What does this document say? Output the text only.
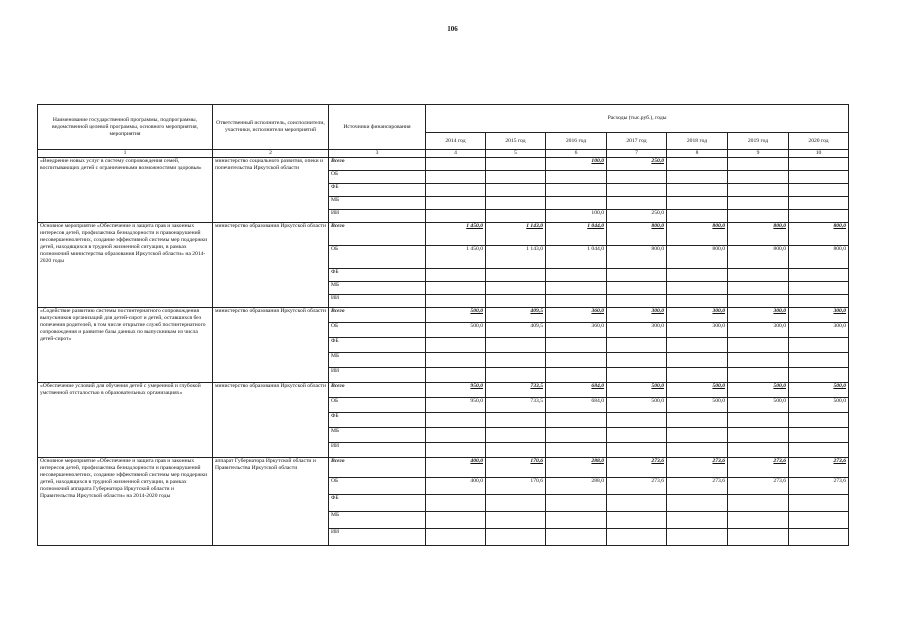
106
Наименование государственной программы, подпрограммы, ведомственной целевой программы, основного мероприятия, мероприятия	Ответственный исполнитель, соисполнители, участники, исполнители мероприятий	Источники финансирования	Расходы (тыс.руб.), годы						
			2014 год	2015 год	2016 год	2017 год	2018 год	2019 год	2020 год
1	2	3	4	5	6	7	8	9	10
«Внедрение новых услуг в систему сопровождения семей, воспитывающих детей с ограниченными возможностями здоровья»	министерство социального развития, опеки и попечительства Иркутской области	Всего			100,0	250,0			
		ОБ							
		ФБ							
		МБ							
		ИИ			100,0	250,0			
Основное мероприятие «Обеспечение и защита прав и законных интересов детей, профилактика безнадзорности и правонарушений несовершеннолетних, создание эффективной системы мер поддержки детей, находящихся в трудной жизненной ситуации, в рамках полномочий министерства образования Иркутской области» на 2014-2020 годы	министерство образования Иркутской области	Всего	1 450,0	1 143,0	1 044,0	800,0	800,0	800,0	800,0
		ОБ	1 450,0	1 143,0	1 044,0	800,0	800,0	800,0	800,0
		ФБ							
		МБ							
		ИИ							
«Содействие развитию системы постинтернатного сопровождения выпускников организаций для детей-сирот и детей, оставшихся без попечения родителей, в том числе открытие служб постинтернатного сопровождения и развитие базы данных по выпускникам из числа детей-сирот»	министерство образования Иркутской области	Всего	500,0	409,5	360,0	300,0	300,0	300,0	300,0
		ОБ	500,0	409,5	360,0	300,0	300,0	300,0	300,0
		ФБ							
		МБ							
		ИИ							
«Обеспечение условий для обучения детей с умеренной и глубокой умственной отсталостью в образовательных организациях»	министерство образования Иркутской области	Всего	950,0	733,5	684,0	500,0	500,0	500,0	500,0
		ОБ	950,0	733,5	684,0	500,0	500,0	500,0	500,0
		ФБ							
		МБ							
		ИИ							
Основное мероприятие «Обеспечение и защита прав и законных интересов детей, профилактика безнадзорности и правонарушений несовершеннолетних, создание эффективной системы мер поддержки детей, находящихся в трудной жизненной ситуации, в рамках полномочий аппарата Губернатора Иркутской области и Правительства Иркутской области» на 2014-2020 годы	аппарат Губернатора Иркутской области и Правительства Иркутской области	Всего	400,0	170,6	288,0	273,6	273,6	273,6	273,6
		ОБ	400,0	170,6	288,0	273,6	273,6	273,6	273,6
		ФБ							
		МБ							
		ИИ							
